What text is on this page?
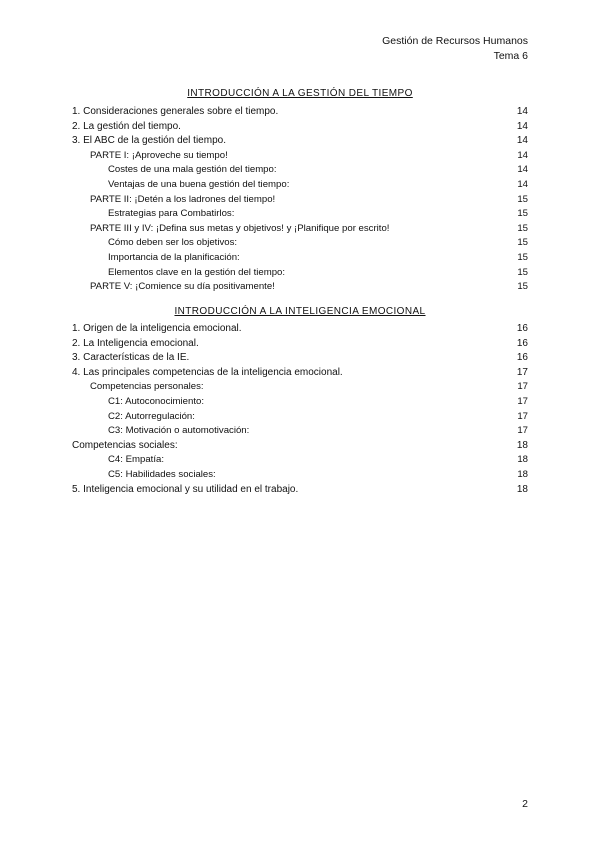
Gestión de Recursos Humanos
Tema 6
INTRODUCCIÓN A LA GESTIÓN DEL TIEMPO
1. Consideraciones generales sobre el tiempo.	14
2. La gestión del tiempo.	14
3. El ABC de la gestión del tiempo.	14
PARTE I: ¡Aproveche su tiempo!	14
Costes de una mala gestión del tiempo:	14
Ventajas de una buena gestión del tiempo:	14
PARTE II: ¡Detén a los ladrones del tiempo!	15
Estrategias para Combatirlos:	15
PARTE III y IV: ¡Defina sus metas y objetivos! y ¡Planifique por escrito!	15
Cómo deben ser los objetivos:	15
Importancia de la planificación:	15
Elementos clave en la gestión del tiempo:	15
PARTE V: ¡Comience su día positivamente!	15
INTRODUCCIÓN A LA INTELIGENCIA EMOCIONAL
1. Origen de la inteligencia emocional.	16
2. La Inteligencia emocional.	16
3. Características de la IE.	16
4. Las principales competencias de la inteligencia emocional.	17
Competencias personales:	17
C1: Autoconocimiento:	17
C2: Autorregulación:	17
C3: Motivación o automotivación:	17
Competencias sociales:	18
C4: Empatía:	18
C5: Habilidades sociales:	18
5. Inteligencia emocional y su utilidad en el trabajo.	18
2
